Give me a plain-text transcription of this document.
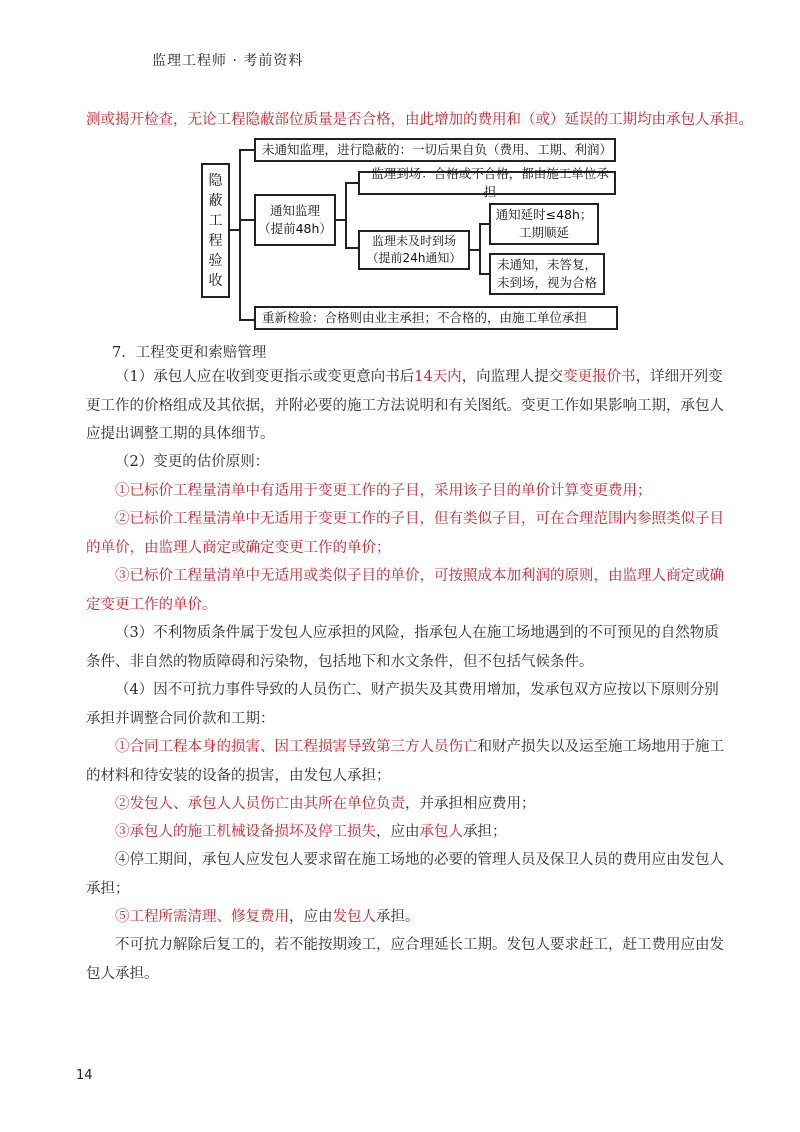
监理工程师 · 考前资料
测或揭开检查，无论工程隐蔽部位质量是否合格，由此增加的费用和（或）延误的工期均由承包人承担。
隐
蔽
工
程
验
收
未通知监理，进行隐蔽的：一切后果自负（费用、工期、利润）
通知监理
（提前48h）
监理到场：合格或不合格，都由施工单位承担
监理未及时到场
（提前24h通知）
通知延时≤48h；
工期顺延
未通知，未答复，
未到场，视为合格
重新检验：合格则由业主承担；不合格的，由施工单位承担
7．工程变更和索赔管理
（1）承包人应在收到变更指示或变更意向书后14天内，向监理人提交变更报价书，详细开列变更工作的价格组成及其依据，并附必要的施工方法说明和有关图纸。变更工作如果影响工期，承包人应提出调整工期的具体细节。
（2）变更的估价原则：
①已标价工程量清单中有适用于变更工作的子目，采用该子目的单价计算变更费用；
②已标价工程量清单中无适用于变更工作的子目，但有类似子目，可在合理范围内参照类似子目的单价，由监理人商定或确定变更工作的单价；
③已标价工程量清单中无适用或类似子目的单价，可按照成本加利润的原则，由监理人商定或确定变更工作的单价。
（3）不利物质条件属于发包人应承担的风险，指承包人在施工场地遇到的不可预见的自然物质条件、非自然的物质障碍和污染物，包括地下和水文条件，但不包括气候条件。
（4）因不可抗力事件导致的人员伤亡、财产损失及其费用增加，发承包双方应按以下原则分别承担并调整合同价款和工期：
①合同工程本身的损害、因工程损害导致第三方人员伤亡和财产损失以及运至施工场地用于施工的材料和待安装的设备的损害，由发包人承担；
②发包人、承包人人员伤亡由其所在单位负责，并承担相应费用；
③承包人的施工机械设备损坏及停工损失，应由承包人承担；
④停工期间，承包人应发包人要求留在施工场地的必要的管理人员及保卫人员的费用应由发包人承担；
⑤工程所需清理、修复费用，应由发包人承担。
不可抗力解除后复工的，若不能按期竣工，应合理延长工期。发包人要求赶工，赶工费用应由发包人承担。
14
